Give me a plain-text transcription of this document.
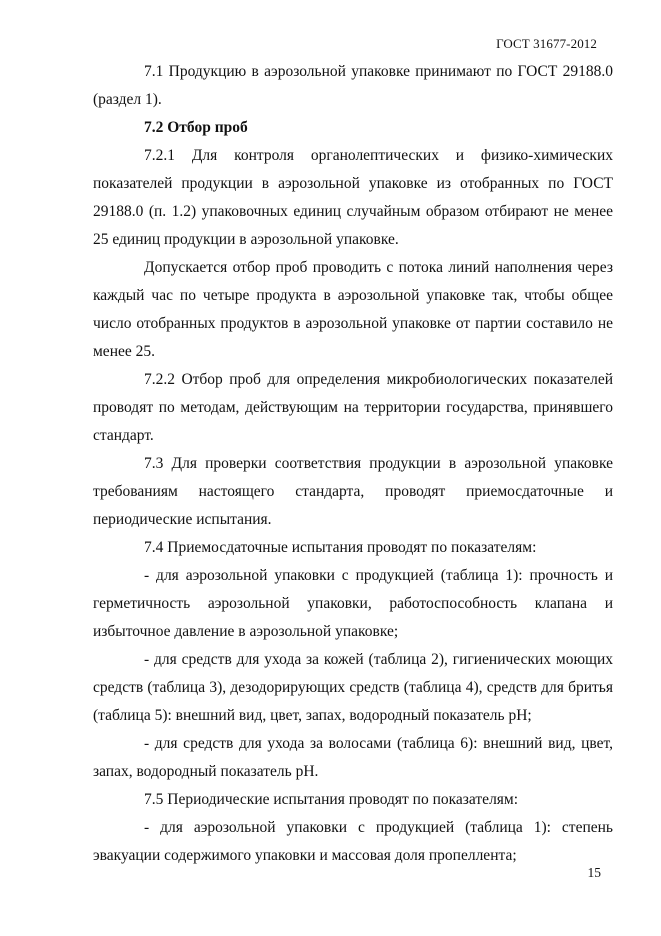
ГОСТ 31677-2012

7.1 Продукцию в аэрозольной упаковке принимают по ГОСТ 29188.0 (раздел 1).

7.2 Отбор проб

7.2.1 Для контроля органолептических и физико-химических показателей продукции в аэрозольной упаковке из отобранных по ГОСТ 29188.0 (п. 1.2) упаковочных единиц случайным образом отбирают не менее 25 единиц продукции в аэрозольной упаковке.

Допускается отбор проб проводить с потока линий наполнения через каждый час по четыре продукта в аэрозольной упаковке так, чтобы общее число отобранных продуктов в аэрозольной упаковке от партии составило не менее 25.

7.2.2 Отбор проб для определения микробиологических показателей проводят по методам, действующим на территории государства, принявшего стандарт.

7.3 Для проверки соответствия продукции в аэрозольной упаковке требованиям настоящего стандарта, проводят приемосдаточные и периодические испытания.

7.4 Приемосдаточные испытания проводят по показателям:

- для аэрозольной упаковки с продукцией (таблица 1): прочность и герметичность аэрозольной упаковки, работоспособность клапана и избыточное давление в аэрозольной упаковке;

- для средств для ухода за кожей (таблица 2), гигиенических моющих средств (таблица 3), дезодорирующих средств (таблица 4), средств для бритья (таблица 5): внешний вид, цвет, запах, водородный показатель pH;

- для средств для ухода за волосами (таблица 6): внешний вид, цвет, запах, водородный показатель pH.

7.5 Периодические испытания проводят по показателям:

- для аэрозольной упаковки с продукцией (таблица 1): степень эвакуации содержимого упаковки и массовая доля пропеллента;

15
